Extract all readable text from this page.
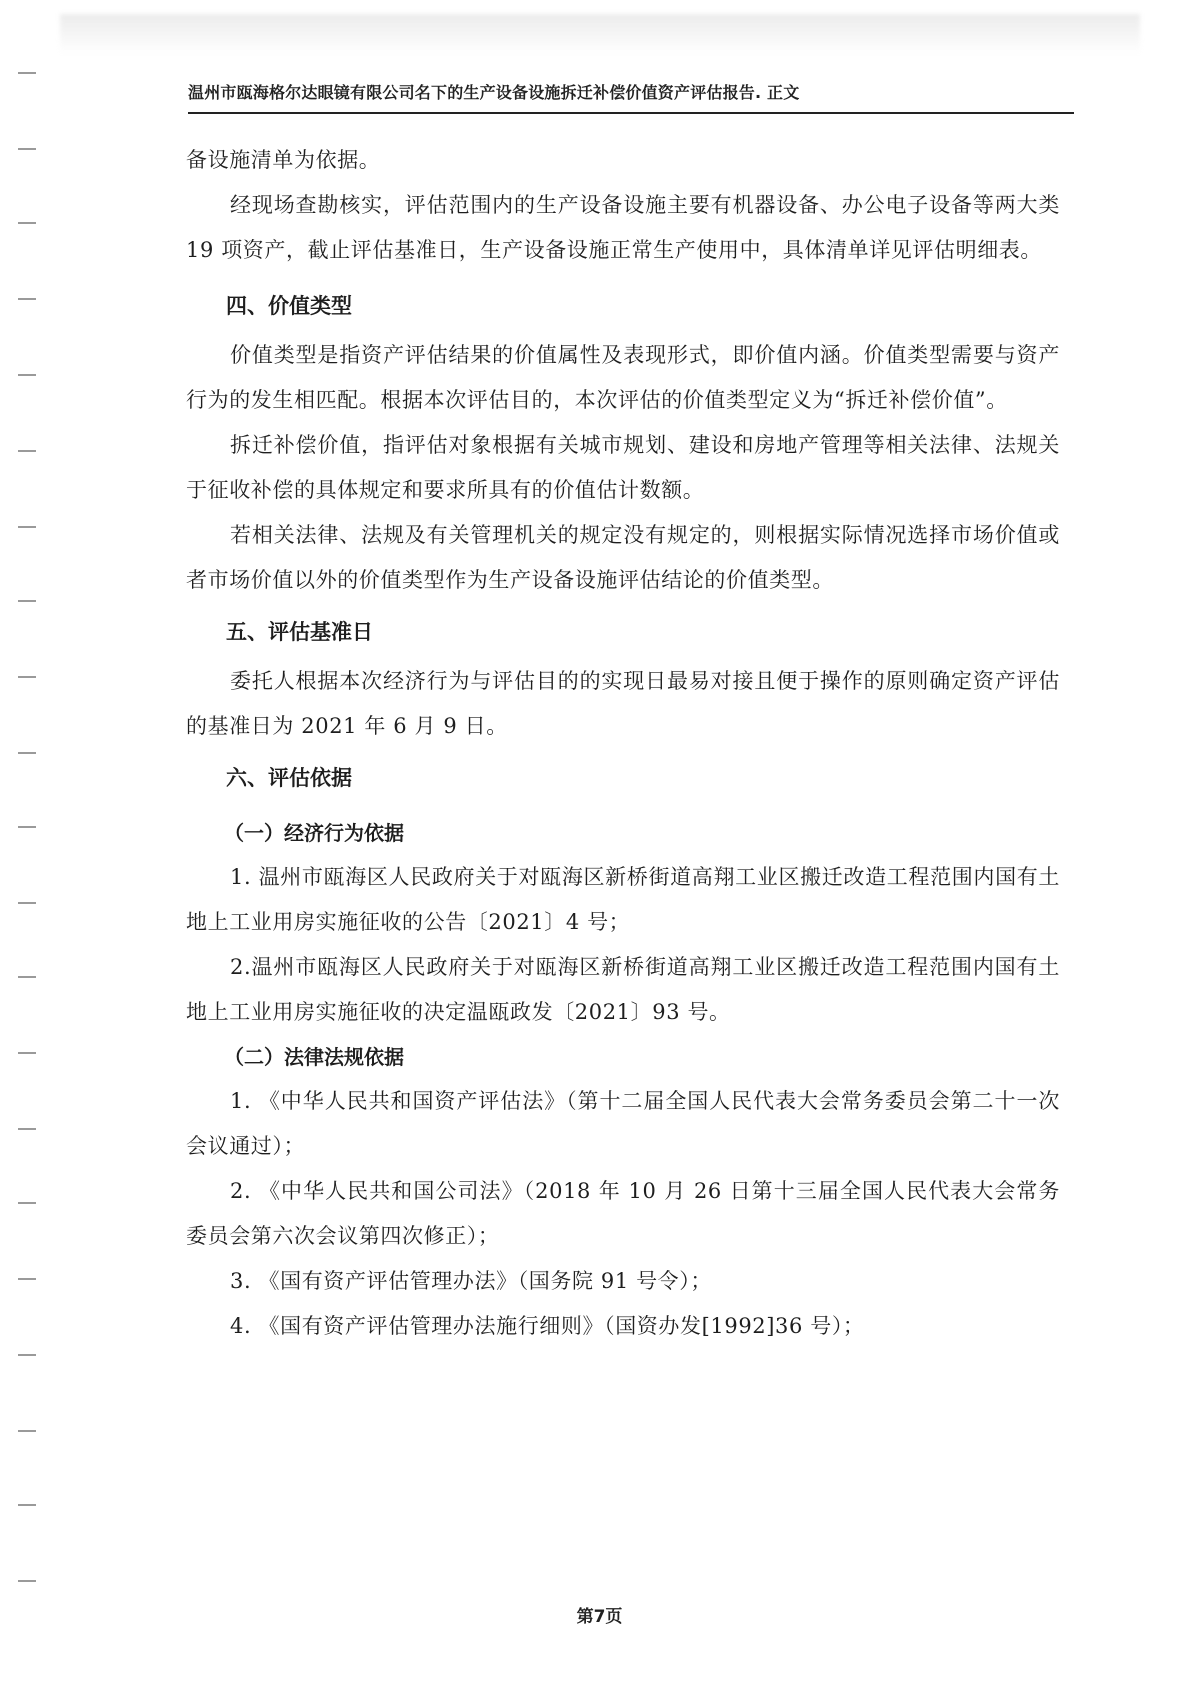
温州市瓯海格尔达眼镜有限公司名下的生产设备设施拆迁补偿价值资产评估报告. 正文

备设施清单为依据。

经现场查勘核实，评估范围内的生产设备设施主要有机器设备、办公电子设备等两大类 19 项资产，截止评估基准日，生产设备设施正常生产使用中，具体清单详见评估明细表。

四、价值类型

价值类型是指资产评估结果的价值属性及表现形式，即价值内涵。价值类型需要与资产行为的发生相匹配。根据本次评估目的，本次评估的价值类型定义为“拆迁补偿价值”。

拆迁补偿价值，指评估对象根据有关城市规划、建设和房地产管理等相关法律、法规关于征收补偿的具体规定和要求所具有的价值估计数额。

若相关法律、法规及有关管理机关的规定没有规定的，则根据实际情况选择市场价值或者市场价值以外的价值类型作为生产设备设施评估结论的价值类型。

五、评估基准日

委托人根据本次经济行为与评估目的的实现日最易对接且便于操作的原则确定资产评估的基准日为 2021 年 6 月 9 日。

六、评估依据

（一）经济行为依据

1. 温州市瓯海区人民政府关于对瓯海区新桥街道高翔工业区搬迁改造工程范围内国有土地上工业用房实施征收的公告〔2021〕4 号；

2.温州市瓯海区人民政府关于对瓯海区新桥街道高翔工业区搬迁改造工程范围内国有土地上工业用房实施征收的决定温瓯政发〔2021〕93 号。

（二）法律法规依据

1. 《中华人民共和国资产评估法》（第十二届全国人民代表大会常务委员会第二十一次会议通过）；

2. 《中华人民共和国公司法》（2018 年 10 月 26 日第十三届全国人民代表大会常务委员会第六次会议第四次修正）；

3. 《国有资产评估管理办法》（国务院 91 号令）；

4. 《国有资产评估管理办法施行细则》（国资办发[1992]36 号）；

第7页
